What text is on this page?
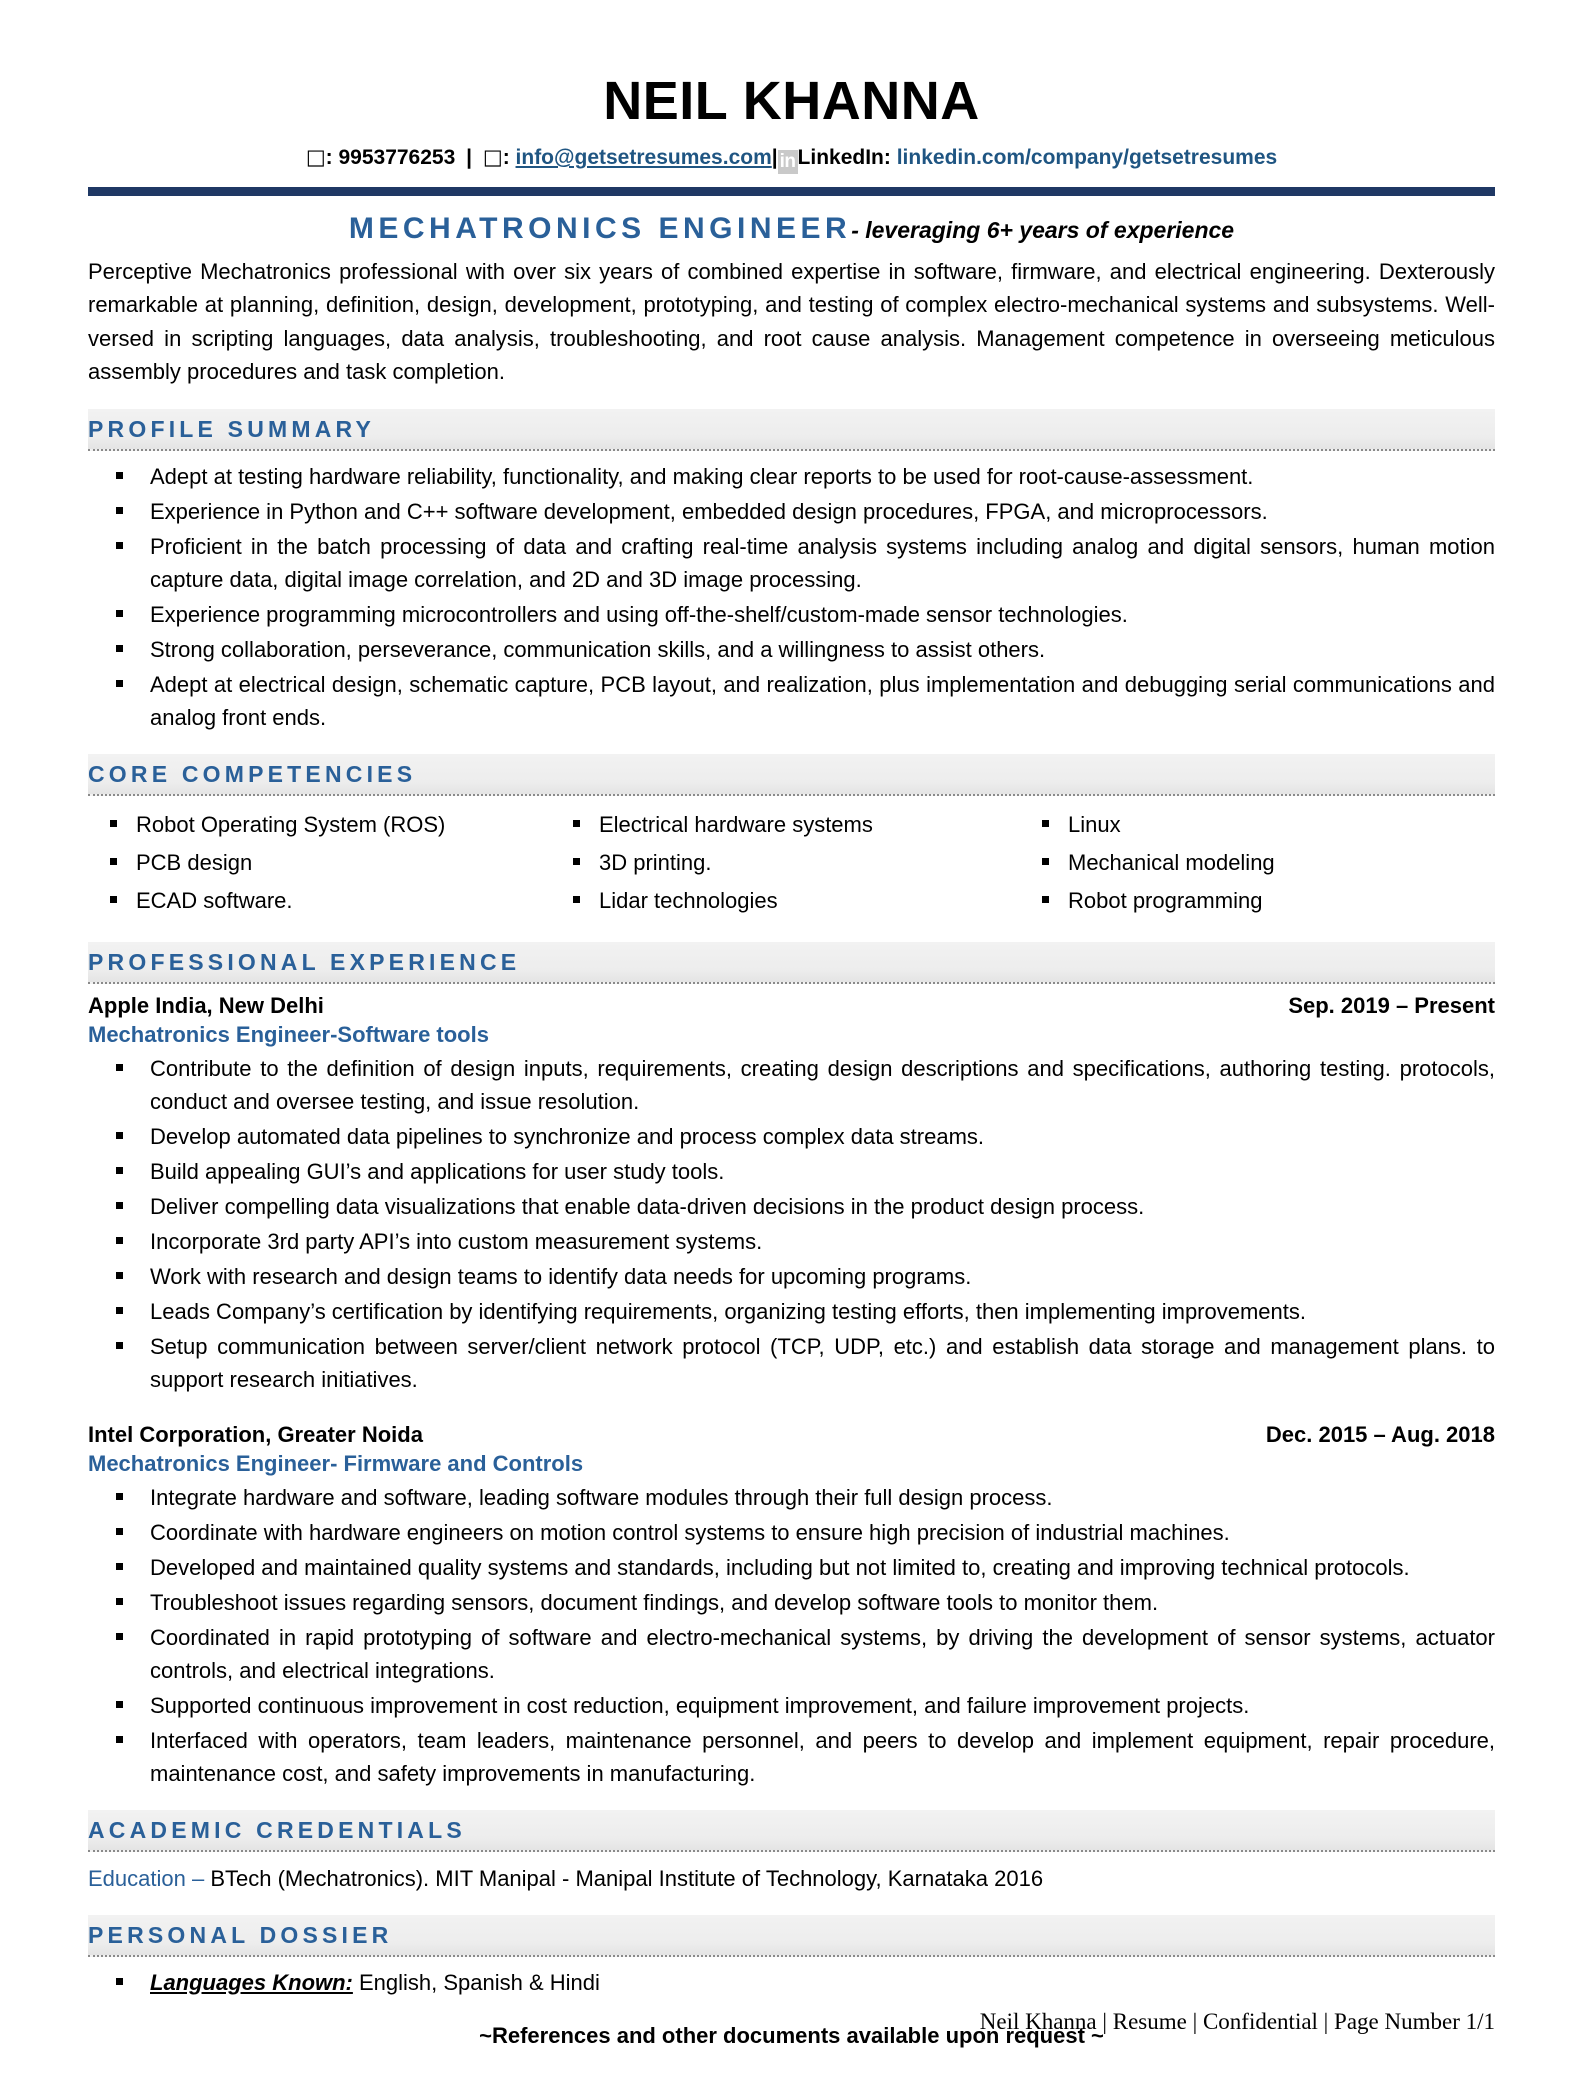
NEIL KHANNA
□: 9953776253 | □: info@getsetresumes.com| inLinkedIn: linkedin.com/company/getsetresumes
MECHATRONICS ENGINEER- leveraging 6+ years of experience

Perceptive Mechatronics professional with over six years of combined expertise in software, firmware, and electrical engineering. Dexterously remarkable at planning, definition, design, development, prototyping, and testing of complex electro-mechanical systems and subsystems. Well-versed in scripting languages, data analysis, troubleshooting, and root cause analysis. Management competence in overseeing meticulous assembly procedures and task completion.

PROFILE SUMMARY
Adept at testing hardware reliability, functionality, and making clear reports to be used for root-cause-assessment.
Experience in Python and C++ software development, embedded design procedures, FPGA, and microprocessors.
Proficient in the batch processing of data and crafting real-time analysis systems including analog and digital sensors, human motion capture data, digital image correlation, and 2D and 3D image processing.
Experience programming microcontrollers and using off-the-shelf/custom-made sensor technologies.
Strong collaboration, perseverance, communication skills, and a willingness to assist others.
Adept at electrical design, schematic capture, PCB layout, and realization, plus implementation and debugging serial communications and analog front ends.
CORE COMPETENCIES
Robot Operating System (ROS)
PCB design
ECAD software.
Electrical hardware systems
3D printing.
Lidar technologies
Linux
Mechanical modeling
Robot programming
PROFESSIONAL EXPERIENCE
Apple India, New Delhi	Sep. 2019 – Present
Mechatronics Engineer-Software tools
Contribute to the definition of design inputs, requirements, creating design descriptions and specifications, authoring testing. protocols, conduct and oversee testing, and issue resolution.
Develop automated data pipelines to synchronize and process complex data streams.
Build appealing GUI’s and applications for user study tools.
Deliver compelling data visualizations that enable data-driven decisions in the product design process.
Incorporate 3rd party API’s into custom measurement systems.
Work with research and design teams to identify data needs for upcoming programs.
Leads Company’s certification by identifying requirements, organizing testing efforts, then implementing improvements.
Setup communication between server/client network protocol (TCP, UDP, etc.) and establish data storage and management plans. to support research initiatives.
Intel Corporation, Greater Noida	Dec. 2015 – Aug. 2018
Mechatronics Engineer- Firmware and Controls
Integrate hardware and software, leading software modules through their full design process.
Coordinate with hardware engineers on motion control systems to ensure high precision of industrial machines.
Developed and maintained quality systems and standards, including but not limited to, creating and improving technical protocols.
Troubleshoot issues regarding sensors, document findings, and develop software tools to monitor them.
Coordinated in rapid prototyping of software and electro-mechanical systems, by driving the development of sensor systems, actuator controls, and electrical integrations.
Supported continuous improvement in cost reduction, equipment improvement, and failure improvement projects.
Interfaced with operators, team leaders, maintenance personnel, and peers to develop and implement equipment, repair procedure, maintenance cost, and safety improvements in manufacturing.
ACADEMIC CREDENTIALS
Education – BTech (Mechatronics). MIT Manipal - Manipal Institute of Technology, Karnataka 2016
PERSONAL DOSSIER
Languages Known: English, Spanish & Hindi
~References and other documents available upon request ~
Neil Khanna | Resume | Confidential | Page Number 1/1
